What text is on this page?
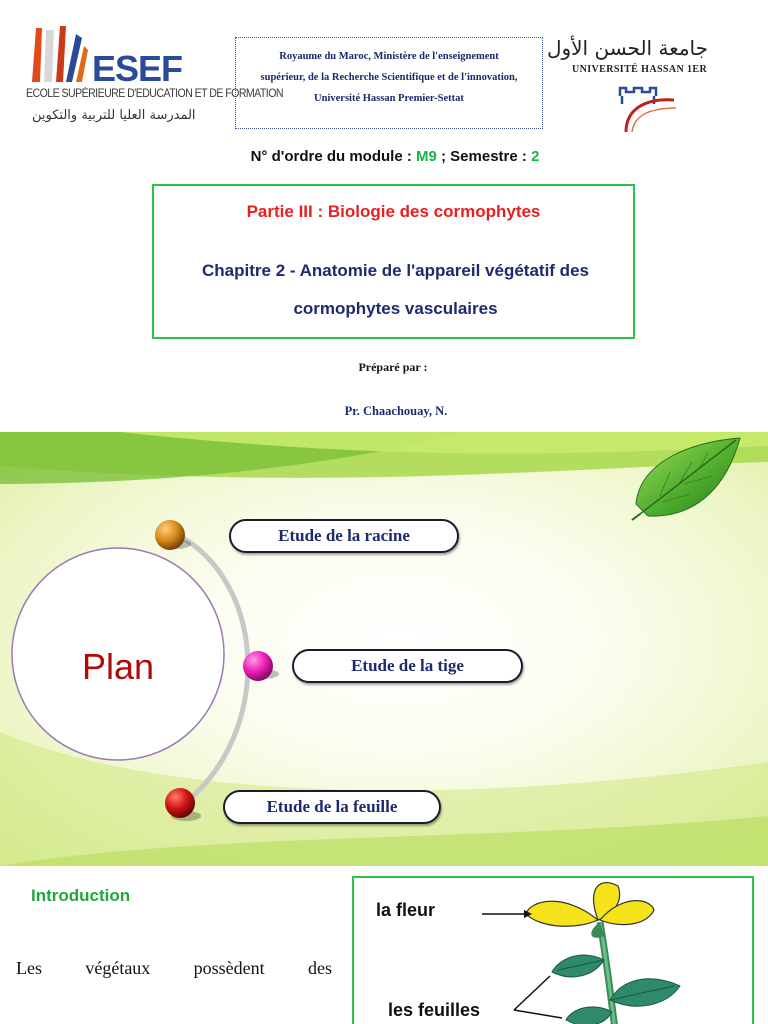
ESEF
ECOLE SUPÉRIEURE D'EDUCATION ET DE FORMATION
المدرسة العليا للتربية والتكوين
Royaume du Maroc, Ministère de l'enseignement
supérieur, de la Recherche Scientifique et de l'innovation,
Université Hassan Premier-Settat
جامعة الحسن الأول
UNIVERSITÉ HASSAN 1ER
N° d'ordre du module : M9 ; Semestre : 2
Partie III : Biologie des cormophytes
Chapitre 2 - Anatomie de l'appareil végétatif des cormophytes vasculaires
Préparé par :
Pr. Chaachouay, N.
Plan
Etude de la racine
Etude de la tige
Etude de la feuille
Introduction
Les végétaux possèdent des
la fleur
les feuilles
